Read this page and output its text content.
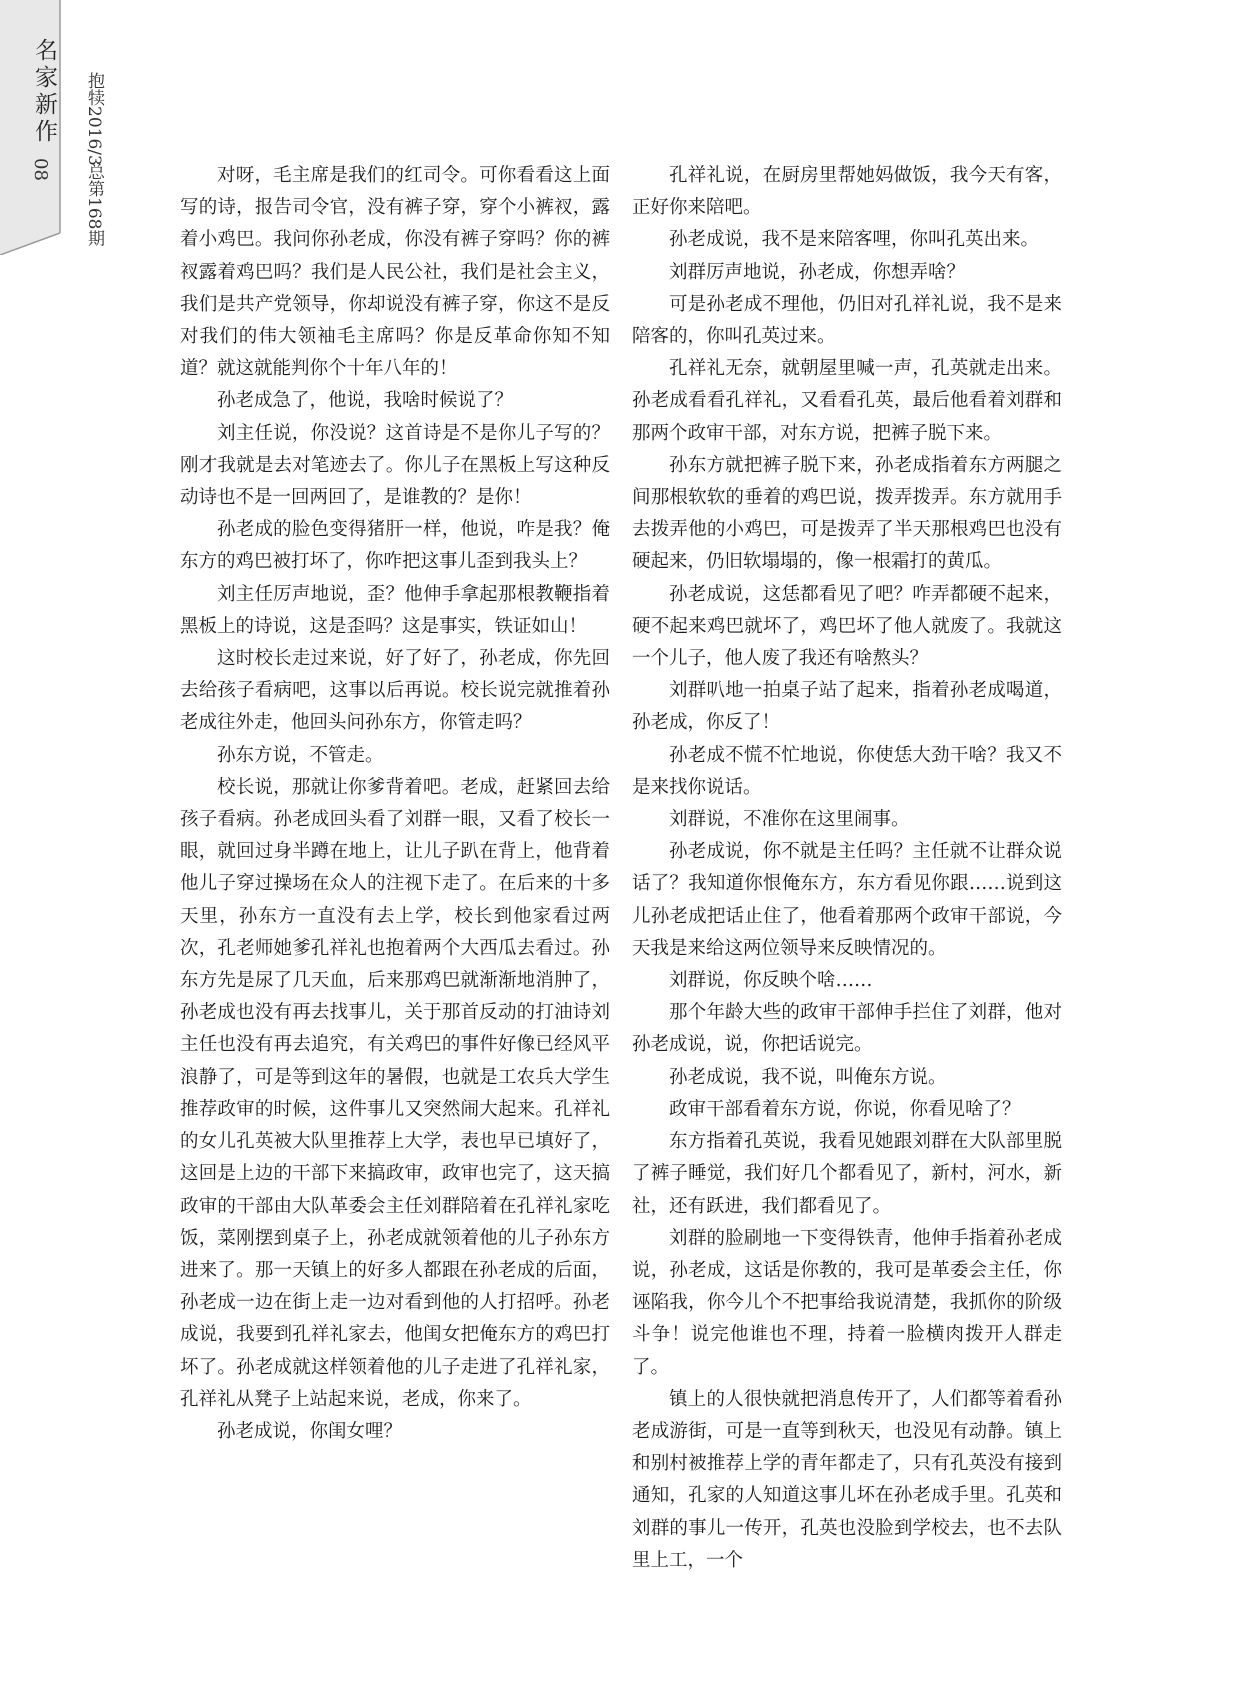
名家新作
08
抱犊2016/3
总第168期	对呀，毛主席是我们的红司令。可你看看这上面写的诗，报告司令官，没有裤子穿，穿个小裤衩，露着小鸡巴。我问你孙老成，你没有裤子穿吗？你的裤衩露着鸡巴吗？我们是人民公社，我们是社会主义，我们是共产党领导，你却说没有裤子穿，你这不是反对我们的伟大领袖毛主席吗？你是反革命你知不知道？就这就能判你个十年八年的！

孙老成急了，他说，我啥时候说了？

刘主任说，你没说？这首诗是不是你儿子写的？刚才我就是去对笔迹去了。你儿子在黑板上写这种反动诗也不是一回两回了，是谁教的？是你！

孙老成的脸色变得猪肝一样，他说，咋是我？俺东方的鸡巴被打坏了，你咋把这事儿歪到我头上？

刘主任厉声地说，歪？他伸手拿起那根教鞭指着黑板上的诗说，这是歪吗？这是事实，铁证如山！

这时校长走过来说，好了好了，孙老成，你先回去给孩子看病吧，这事以后再说。校长说完就推着孙老成往外走，他回头问孙东方，你管走吗？

孙东方说，不管走。

校长说，那就让你爹背着吧。老成，赶紧回去给孩子看病。孙老成回头看了刘群一眼，又看了校长一眼，就回过身半蹲在地上，让儿子趴在背上，他背着他儿子穿过操场在众人的注视下走了。在后来的十多天里，孙东方一直没有去上学，校长到他家看过两次，孔老师她爹孔祥礼也抱着两个大西瓜去看过。孙东方先是尿了几天血，后来那鸡巴就渐渐地消肿了，孙老成也没有再去找事儿，关于那首反动的打油诗刘主任也没有再去追究，有关鸡巴的事件好像已经风平浪静了，可是等到这年的暑假，也就是工农兵大学生推荐政审的时候，这件事儿又突然闹大起来。孔祥礼的女儿孔英被大队里推荐上大学，表也早已填好了，这回是上边的干部下来搞政审，政审也完了，这天搞政审的干部由大队革委会主任刘群陪着在孔祥礼家吃饭，菜刚摆到桌子上，孙老成就领着他的儿子孙东方进来了。那一天镇上的好多人都跟在孙老成的后面，孙老成一边在街上走一边对看到他的人打招呼。孙老成说，我要到孔祥礼家去，他闺女把俺东方的鸡巴打坏了。孙老成就这样领着他的儿子走进了孔祥礼家，孔祥礼从凳子上站起来说，老成，你来了。

孙老成说，你闺女哩？

孔祥礼说，在厨房里帮她妈做饭，我今天有客，正好你来陪吧。

孙老成说，我不是来陪客哩，你叫孔英出来。

刘群厉声地说，孙老成，你想弄啥？

可是孙老成不理他，仍旧对孔祥礼说，我不是来陪客的，你叫孔英过来。

孔祥礼无奈，就朝屋里喊一声，孔英就走出来。孙老成看看孔祥礼，又看看孔英，最后他看着刘群和那两个政审干部，对东方说，把裤子脱下来。

孙东方就把裤子脱下来，孙老成指着东方两腿之间那根软软的垂着的鸡巴说，拨弄拨弄。东方就用手去拨弄他的小鸡巴，可是拨弄了半天那根鸡巴也没有硬起来，仍旧软塌塌的，像一根霜打的黄瓜。

孙老成说，这恁都看见了吧？咋弄都硬不起来，硬不起来鸡巴就坏了，鸡巴坏了他人就废了。我就这一个儿子，他人废了我还有啥熬头？

刘群叭地一拍桌子站了起来，指着孙老成喝道，孙老成，你反了！

孙老成不慌不忙地说，你使恁大劲干啥？我又不是来找你说话。

刘群说，不准你在这里闹事。

孙老成说，你不就是主任吗？主任就不让群众说话了？我知道你恨俺东方，东方看见你跟……说到这儿孙老成把话止住了，他看着那两个政审干部说，今天我是来给这两位领导来反映情况的。

刘群说，你反映个啥……

那个年龄大些的政审干部伸手拦住了刘群，他对孙老成说，说，你把话说完。

孙老成说，我不说，叫俺东方说。

政审干部看着东方说，你说，你看见啥了？

东方指着孔英说，我看见她跟刘群在大队部里脱了裤子睡觉，我们好几个都看见了，新村，河水，新社，还有跃进，我们都看见了。

刘群的脸刷地一下变得铁青，他伸手指着孙老成说，孙老成，这话是你教的，我可是革委会主任，你诬陷我，你今儿个不把事给我说清楚，我抓你的阶级斗争！说完他谁也不理，持着一脸横肉拨开人群走了。

镇上的人很快就把消息传开了，人们都等着看孙老成游街，可是一直等到秋天，也没见有动静。镇上和别村被推荐上学的青年都走了，只有孔英没有接到通知，孔家的人知道这事儿坏在孙老成手里。孔英和刘群的事儿一传开，孔英也没脸到学校去，也不去队里上工，一个
